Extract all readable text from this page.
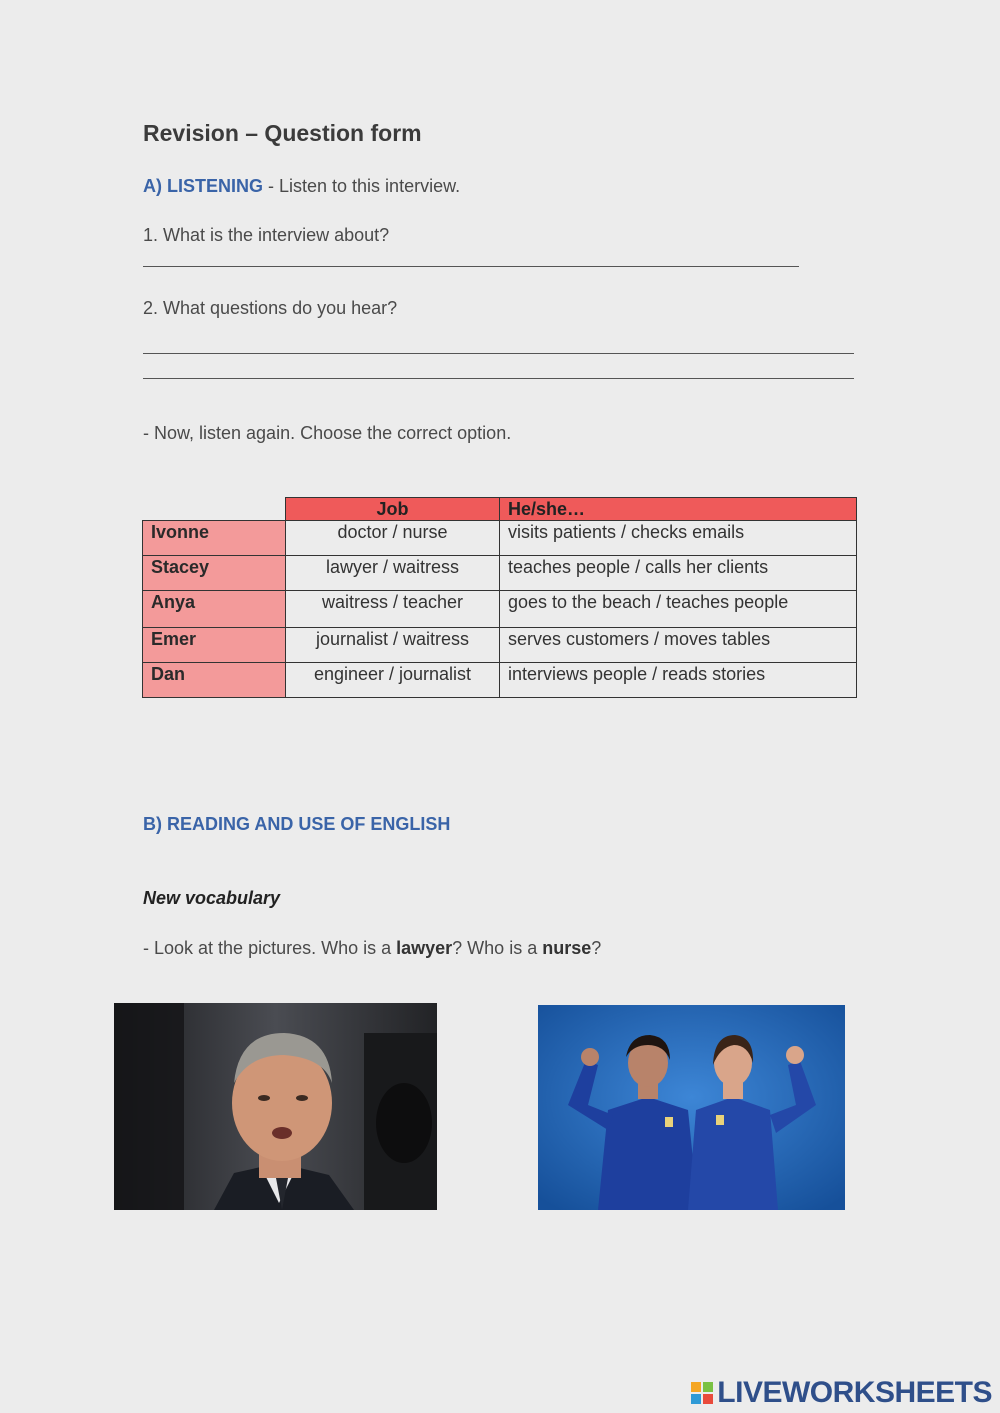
Revision – Question form
A) LISTENING - Listen to this interview.
1. What is the interview about?
2. What questions do you hear?
- Now, listen again. Choose the correct option.
	Job	He/she…
Ivonne	doctor / nurse	visits patients / checks emails
Stacey	lawyer / waitress	teaches people / calls her clients
Anya	waitress / teacher	goes to the beach / teaches people
Emer	journalist / waitress	serves customers / moves tables
Dan	engineer / journalist	interviews people / reads stories
B) READING AND USE OF ENGLISH
New vocabulary
- Look at the pictures. Who is a lawyer? Who is a nurse?
LIVEWORKSHEETS
